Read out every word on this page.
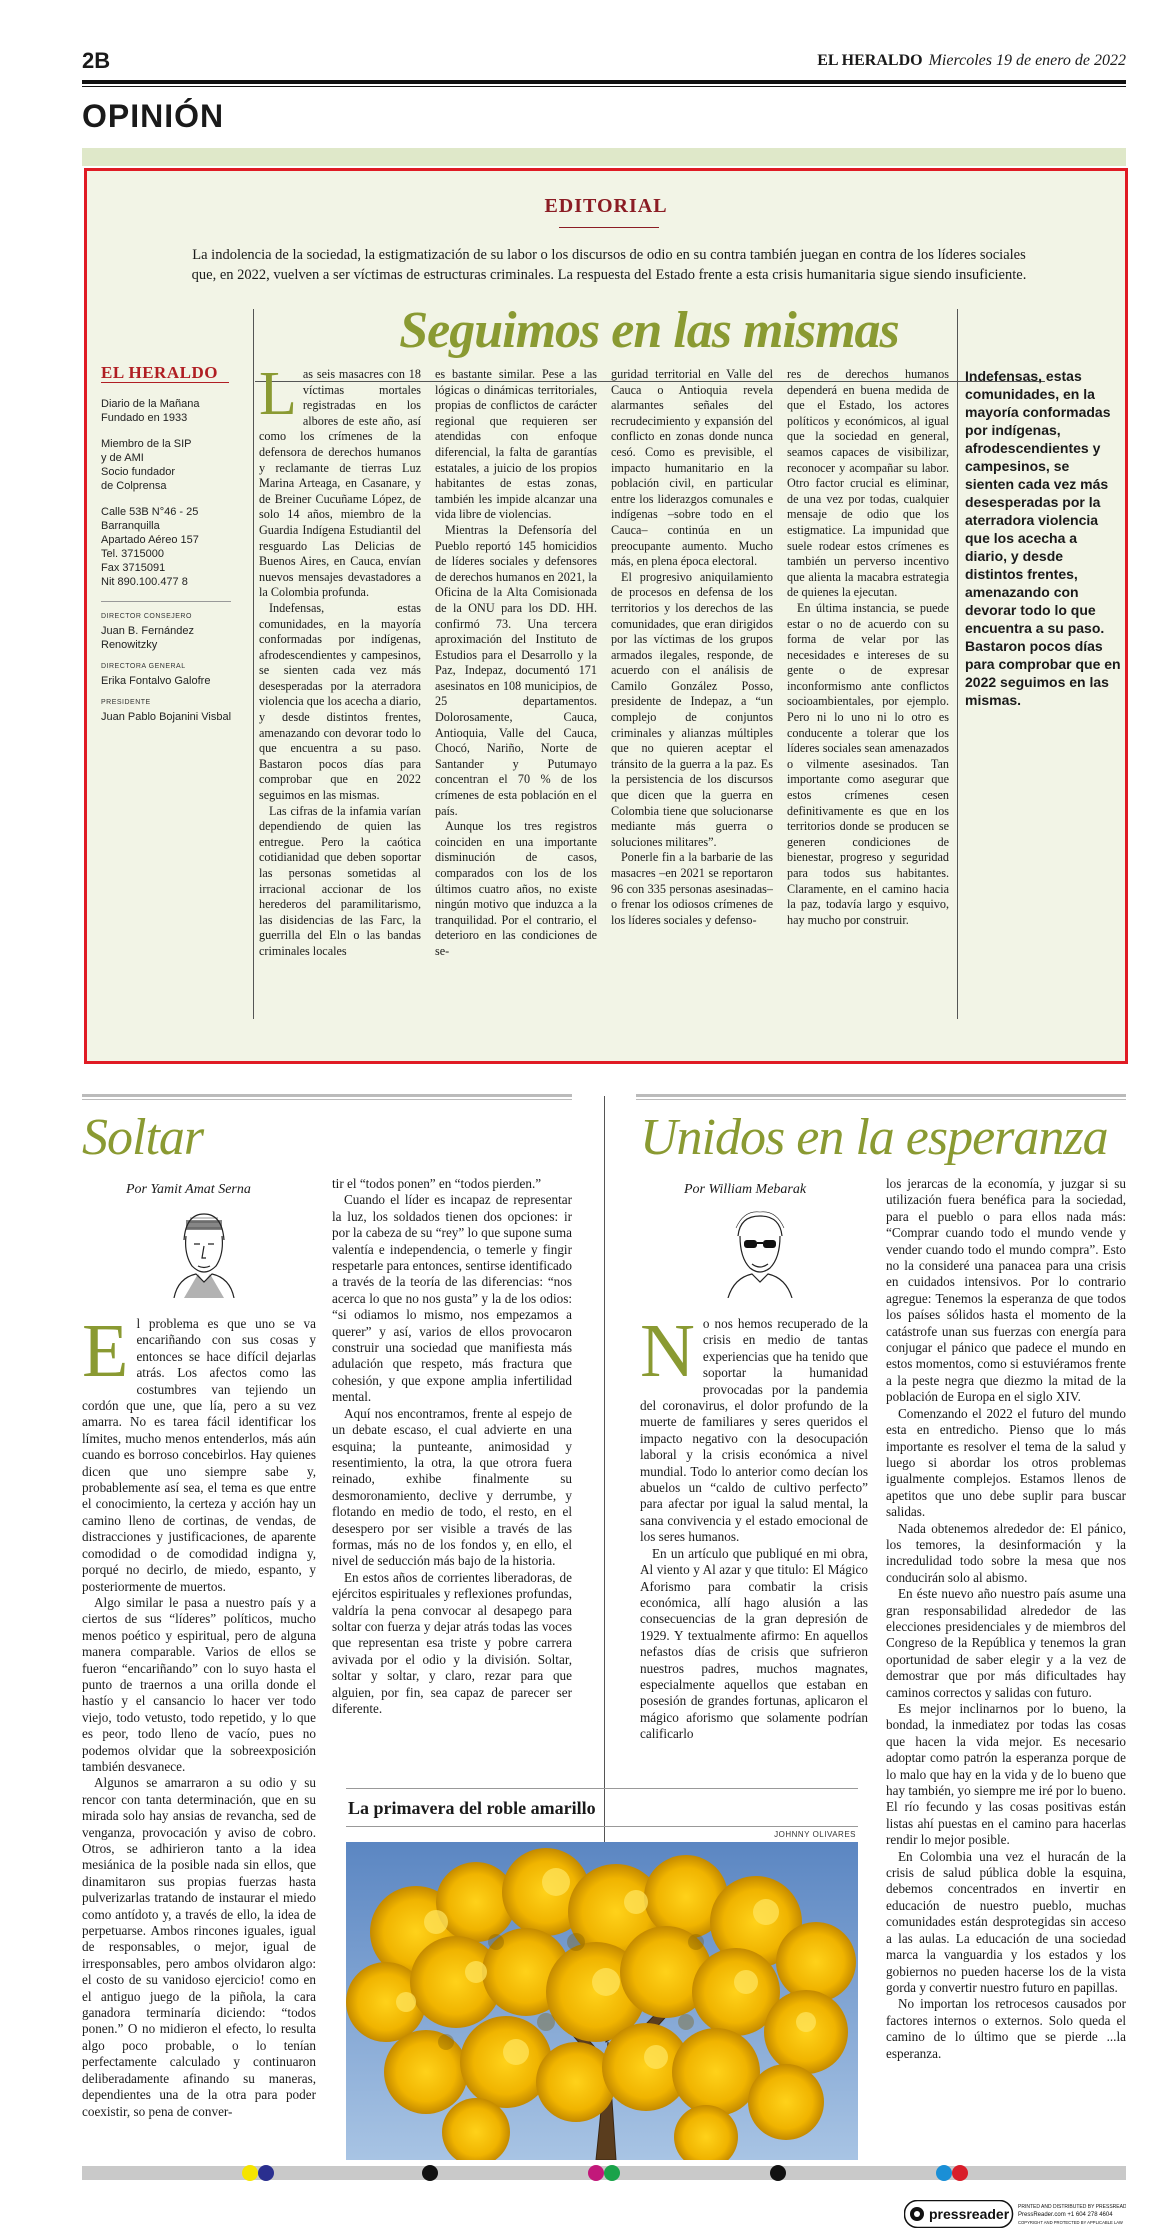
2B	EL HERALDO Miercoles 19 de enero de 2022
OPINIÓN
EDITORIAL
La indolencia de la sociedad, la estigmatización de su labor o los discursos de odio en su contra también juegan en contra de los líderes sociales que, en 2022, vuelven a ser víctimas de estructuras criminales. La respuesta del Estado frente a esta crisis humanitaria sigue siendo insuficiente.
Seguimos en las mismas
EL HERALDO
Diario de la Mañana
Fundado en 1933
Miembro de la SIP
y de AMI
Socio fundador
de Colprensa
Calle 53B N°46 - 25
Barranquilla
Apartado Aéreo 157
Tel. 3715000
Fax 3715091
Nit 890.100.477 8
DIRECTOR CONSEJERO
Juan B. Fernández Renowitzky
DIRECTORA GENERAL
Erika Fontalvo Galofre
PRESIDENTE
Juan Pablo Bojanini Visbal

Las seis masacres con 18 víctimas mortales registradas en los albores de este año, así como los crímenes de la defensora de derechos humanos y reclamante de tierras Luz Marina Arteaga, en Casanare, y de Breiner Cucuñame López, de solo 14 años, miembro de la Guardia Indígena Estudiantil del resguardo Las Delicias de Buenos Aires, en Cauca, envían nuevos mensajes devastadores a la Colombia profunda.

Indefensas, estas comunidades, en la mayoría conformadas por indígenas, afrodescendientes y campesinos, se sienten cada vez más desesperadas por la aterradora violencia que los acecha a diario, y desde distintos frentes, amenazando con devorar todo lo que encuentra a su paso. Bastaron pocos días para comprobar que en 2022 seguimos en las mismas.

Las cifras de la infamia varían dependiendo de quien las entregue. Pero la caótica cotidianidad que deben soportar las personas sometidas al irracional accionar de los herederos del paramilitarismo, las disidencias de las Farc, la guerrilla del Eln o las bandas criminales locales

es bastante similar. Pese a las lógicas o dinámicas territoriales, propias de conflictos de carácter regional que requieren ser atendidas con enfoque diferencial, la falta de garantías estatales, a juicio de los propios habitantes de estas zonas, también les impide alcanzar una vida libre de violencias.

Mientras la Defensoría del Pueblo reportó 145 homicidios de líderes sociales y defensores de derechos humanos en 2021, la Oficina de la Alta Comisionada de la ONU para los DD. HH. confirmó 73. Una tercera aproximación del Instituto de Estudios para el Desarrollo y la Paz, Indepaz, documentó 171 asesinatos en 108 municipios, de 25 departamentos. Dolorosamente, Cauca, Antioquia, Valle del Cauca, Chocó, Nariño, Norte de Santander y Putumayo concentran el 70 % de los crímenes de esta población en el país.

Aunque los tres registros coinciden en una importante disminución de casos, comparados con los de los últimos cuatro años, no existe ningún motivo que induzca a la tranquilidad. Por el contrario, el deterioro en las condiciones de se-

guridad territorial en Valle del Cauca o Antioquia revela alarmantes señales del recrudecimiento y expansión del conflicto en zonas donde nunca cesó. Como es previsible, el impacto humanitario en la población civil, en particular entre los liderazgos comunales e indígenas –sobre todo en el Cauca– continúa en un preocupante aumento. Mucho más, en plena época electoral.

El progresivo aniquilamiento de procesos en defensa de los territorios y los derechos de las comunidades, que eran dirigidos por las víctimas de los grupos armados ilegales, responde, de acuerdo con el análisis de Camilo González Posso, presidente de Indepaz, a “un complejo de conjuntos criminales y alianzas múltiples que no quieren aceptar el tránsito de la guerra a la paz. Es la persistencia de los discursos que dicen que la guerra en Colombia tiene que solucionarse mediante más guerra o soluciones militares”.

Ponerle fin a la barbarie de las masacres –en 2021 se reportaron 96 con 335 personas asesinadas– o frenar los odiosos crímenes de los líderes sociales y defenso-

res de derechos humanos dependerá en buena medida de que el Estado, los actores políticos y económicos, al igual que la sociedad en general, seamos capaces de visibilizar, reconocer y acompañar su labor. Otro factor crucial es eliminar, de una vez por todas, cualquier mensaje de odio que los estigmatice. La impunidad que suele rodear estos crímenes es también un perverso incentivo que alienta la macabra estrategia de quienes la ejecutan.

En última instancia, se puede estar o no de acuerdo con su forma de velar por las necesidades e intereses de su gente o de expresar inconformismo ante conflictos socioambientales, por ejemplo. Pero ni lo uno ni lo otro es conducente a tolerar que los líderes sociales sean amenazados o vilmente asesinados. Tan importante como asegurar que estos crímenes cesen definitivamente es que en los territorios donde se producen se generen condiciones de bienestar, progreso y seguridad para todos sus habitantes. Claramente, en el camino hacia la paz, todavía largo y esquivo, hay mucho por construir.

Indefensas, estas comunidades, en la mayoría conformadas por indígenas, afrodescendientes y campesinos, se sienten cada vez más desesperadas por la aterradora violencia que los acecha a diario, y desde distintos frentes, amenazando con devorar todo lo que encuentra a su paso. Bastaron pocos días para comprobar que en 2022 seguimos en las mismas.
Soltar
Por Yamit Amat Serna

El problema es que uno se va encariñando con sus cosas y entonces se hace difícil dejarlas atrás. Los afectos como las costumbres van tejiendo un cordón que une, que lía, pero a su vez amarra. No es tarea fácil identificar los límites, mucho menos entenderlos, más aún cuando es borroso concebirlos. Hay quienes dicen que uno siempre sabe y, probablemente así sea, el tema es que entre el conocimiento, la certeza y acción hay un camino lleno de cortinas, de vendas, de distracciones y justificaciones, de aparente comodidad o de comodidad indigna y, porqué no decirlo, de miedo, espanto, y posteriormente de muertos.

Algo similar le pasa a nuestro país y a ciertos de sus “líderes” políticos, mucho menos poético y espiritual, pero de alguna manera comparable. Varios de ellos se fueron “encariñando” con lo suyo hasta el punto de traernos a una orilla donde el hastío y el cansancio lo hacer ver todo viejo, todo vetusto, todo repetido, y lo que es peor, todo lleno de vacío, pues no podemos olvidar que la sobreexposición también desvanece.

Algunos se amarraron a su odio y su rencor con tanta determinación, que en su mirada solo hay ansias de revancha, sed de venganza, provocación y aviso de cobro. Otros, se adhirieron tanto a la idea mesiánica de la posible nada sin ellos, que dinamitaron sus propias fuerzas hasta pulverizarlas tratando de instaurar el miedo como antídoto y, a través de ello, la idea de perpetuarse. Ambos rincones iguales, igual de responsables, o mejor, igual de irresponsables, pero ambos olvidaron algo: el costo de su vanidoso ejercicio! como en el antiguo juego de la piñola, la cara ganadora terminaría diciendo: “todos ponen.” O no midieron el efecto, lo resulta algo poco probable, o lo tenían perfectamente calculado y continuaron deliberadamente afinando su maneras, dependientes una de la otra para poder coexistir, so pena de conver-

tir el “todos ponen” en “todos pierden.”

Cuando el líder es incapaz de representar la luz, los soldados tienen dos opciones: ir por la cabeza de su “rey” lo que supone suma valentía e independencia, o temerle y fingir respetarle para entonces, sentirse identificado a través de la teoría de las diferencias: “nos acerca lo que no nos gusta” y la de los odios: “si odiamos lo mismo, nos empezamos a querer” y así, varios de ellos provocaron construir una sociedad que manifiesta más adulación que respeto, más fractura que cohesión, y que expone amplia infertilidad mental.

Aquí nos encontramos, frente al espejo de un debate escaso, el cual advierte en una esquina; la punteante, animosidad y resentimiento, la otra, la que otrora fuera reinado, exhibe finalmente su desmoronamiento, declive y derrumbe, y flotando en medio de todo, el resto, en el desespero por ser visible a través de las formas, más no de los fondos y, en ello, el nivel de seducción más bajo de la historia.

En estos años de corrientes liberadoras, de ejércitos espirituales y reflexiones profundas, valdría la pena convocar al desapego para soltar con fuerza y dejar atrás todas las voces que representan esa triste y pobre carrera avivada por el odio y la división. Soltar, soltar y soltar, y claro, rezar para que alguien, por fin, sea capaz de parecer ser diferente.

Unidos en la esperanza
Por William Mebarak

No nos hemos recuperado de la crisis en medio de tantas experiencias que ha tenido que soportar la humanidad provocadas por la pandemia del coronavirus, el dolor profundo de la muerte de familiares y seres queridos el impacto negativo con la desocupación laboral y la crisis económica a nivel mundial. Todo lo anterior como decían los abuelos un “caldo de cultivo perfecto” para afectar por igual la salud mental, la sana convivencia y el estado emocional de los seres humanos.

En un artículo que publiqué en mi obra, Al viento y Al azar y que titulo: El Mágico Aforismo para combatir la crisis económica, allí hago alusión a las consecuencias de la gran depresión de 1929. Y textualmente afirmo: En aquellos nefastos días de crisis que sufrieron nuestros padres, muchos magnates, especialmente aquellos que estaban en posesión de grandes fortunas, aplicaron el mágico aforismo que solamente podrían calificarlo

los jerarcas de la economía, y juzgar si su utilización fuera benéfica para la sociedad, para el pueblo o para ellos nada más: “Comprar cuando todo el mundo vende y vender cuando todo el mundo compra”. Esto no la consideré una panacea para una crisis en cuidados intensivos. Por lo contrario agregue: Tenemos la esperanza de que todos los países sólidos hasta el momento de la catástrofe unan sus fuerzas con energía para conjugar el pánico que padece el mundo en estos momentos, como si estuviéramos frente a la peste negra que diezmo la mitad de la población de Europa en el siglo XIV.

Comenzando el 2022 el futuro del mundo esta en entredicho. Pienso que lo más importante es resolver el tema de la salud y luego si abordar los otros problemas igualmente complejos. Estamos llenos de apetitos que uno debe suplir para buscar salidas.

Nada obtenemos alrededor de: El pánico, los temores, la desinformación y la incredulidad todo sobre la mesa que nos conducirán solo al abismo.

En éste nuevo año nuestro país asume una gran responsabilidad alrededor de las elecciones presidenciales y de miembros del Congreso de la República y tenemos la gran oportunidad de saber elegir y a la vez de demostrar que por más dificultades hay caminos correctos y salidas con futuro.

Es mejor inclinarnos por lo bueno, la bondad, la inmediatez por todas las cosas que hacen la vida mejor. Es necesario adoptar como patrón la esperanza porque de lo malo que hay en la vida y de lo bueno que hay también, yo siempre me iré por lo bueno. El río fecundo y las cosas positivas están listas ahí puestas en el camino para hacerlas rendir lo mejor posible.

En Colombia una vez el huracán de la crisis de salud pública doble la esquina, debemos concentrados en invertir en educación de nuestro pueblo, muchas comunidades están desprotegidas sin acceso a las aulas. La educación de una sociedad marca la vanguardia y los estados y los gobiernos no pueden hacerse los de la vista gorda y convertir nuestro futuro en papillas.

No importan los retrocesos causados por factores internos o externos. Solo queda el camino de lo último que se pierde ...la esperanza.

La primavera del roble amarillo
JOHNNY OLIVARES
pressreader PRINTED AND DISTRIBUTED BY PRESSREADER
PressReader.com +1 604 278 4604
COPYRIGHT AND PROTECTED BY APPLICABLE LAW
